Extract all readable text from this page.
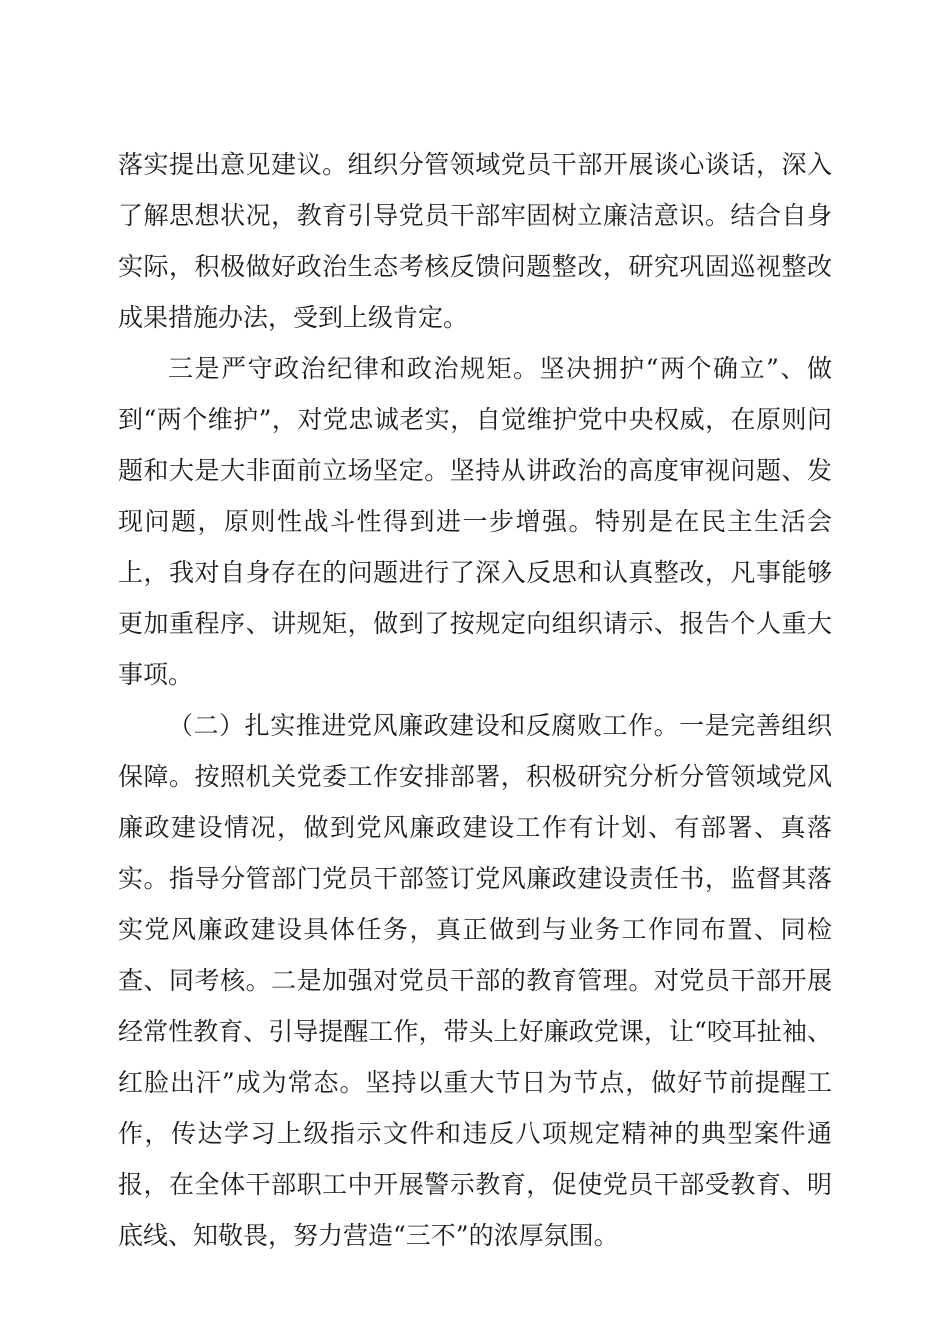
落实提出意见建议。组织分管领域党员干部开展谈心谈话，深入了解思想状况，教育引导党员干部牢固树立廉洁意识。结合自身实际，积极做好政治生态考核反馈问题整改，研究巩固巡视整改成果措施办法，受到上级肯定。

三是严守政治纪律和政治规矩。坚决拥护“两个确立”、做到“两个维护”，对党忠诚老实，自觉维护党中央权威，在原则问题和大是大非面前立场坚定。坚持从讲政治的高度审视问题、发现问题，原则性战斗性得到进一步增强。特别是在民主生活会上，我对自身存在的问题进行了深入反思和认真整改，凡事能够更加重程序、讲规矩，做到了按规定向组织请示、报告个人重大事项。

（二）扎实推进党风廉政建设和反腐败工作。一是完善组织保障。按照机关党委工作安排部署，积极研究分析分管领域党风廉政建设情况，做到党风廉政建设工作有计划、有部署、真落实。指导分管部门党员干部签订党风廉政建设责任书，监督其落实党风廉政建设具体任务，真正做到与业务工作同布置、同检查、同考核。二是加强对党员干部的教育管理。对党员干部开展经常性教育、引导提醒工作，带头上好廉政党课，让“咬耳扯袖、红脸出汗”成为常态。坚持以重大节日为节点，做好节前提醒工作，传达学习上级指示文件和违反八项规定精神的典型案件通报，在全体干部职工中开展警示教育，促使党员干部受教育、明底线、知敬畏，努力营造“三不”的浓厚氛围。
